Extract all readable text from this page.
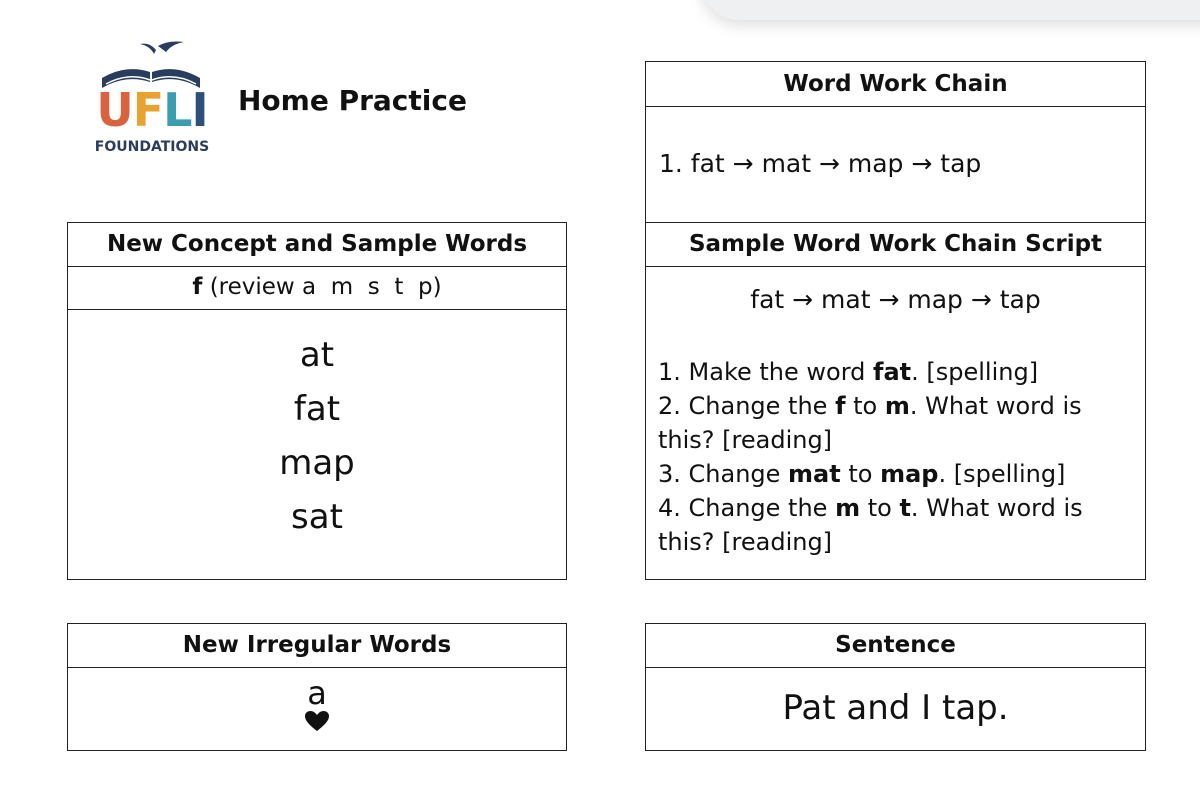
UFLI
FOUNDATIONS
Home Practice
New Concept and Sample Words
f (review a  m  s  t  p)
at
fat
map
sat
New Irregular Words
a
Word Work Chain
1. fat → mat → map → tap
Sample Word Work Chain Script
fat → mat → map → tap

1. Make the word fat. [spelling]

2. Change the f to m. What word is this? [reading]

3. Change mat to map. [spelling]

4. Change the m to t. What word is this? [reading]

Sentence
Pat and I tap.
